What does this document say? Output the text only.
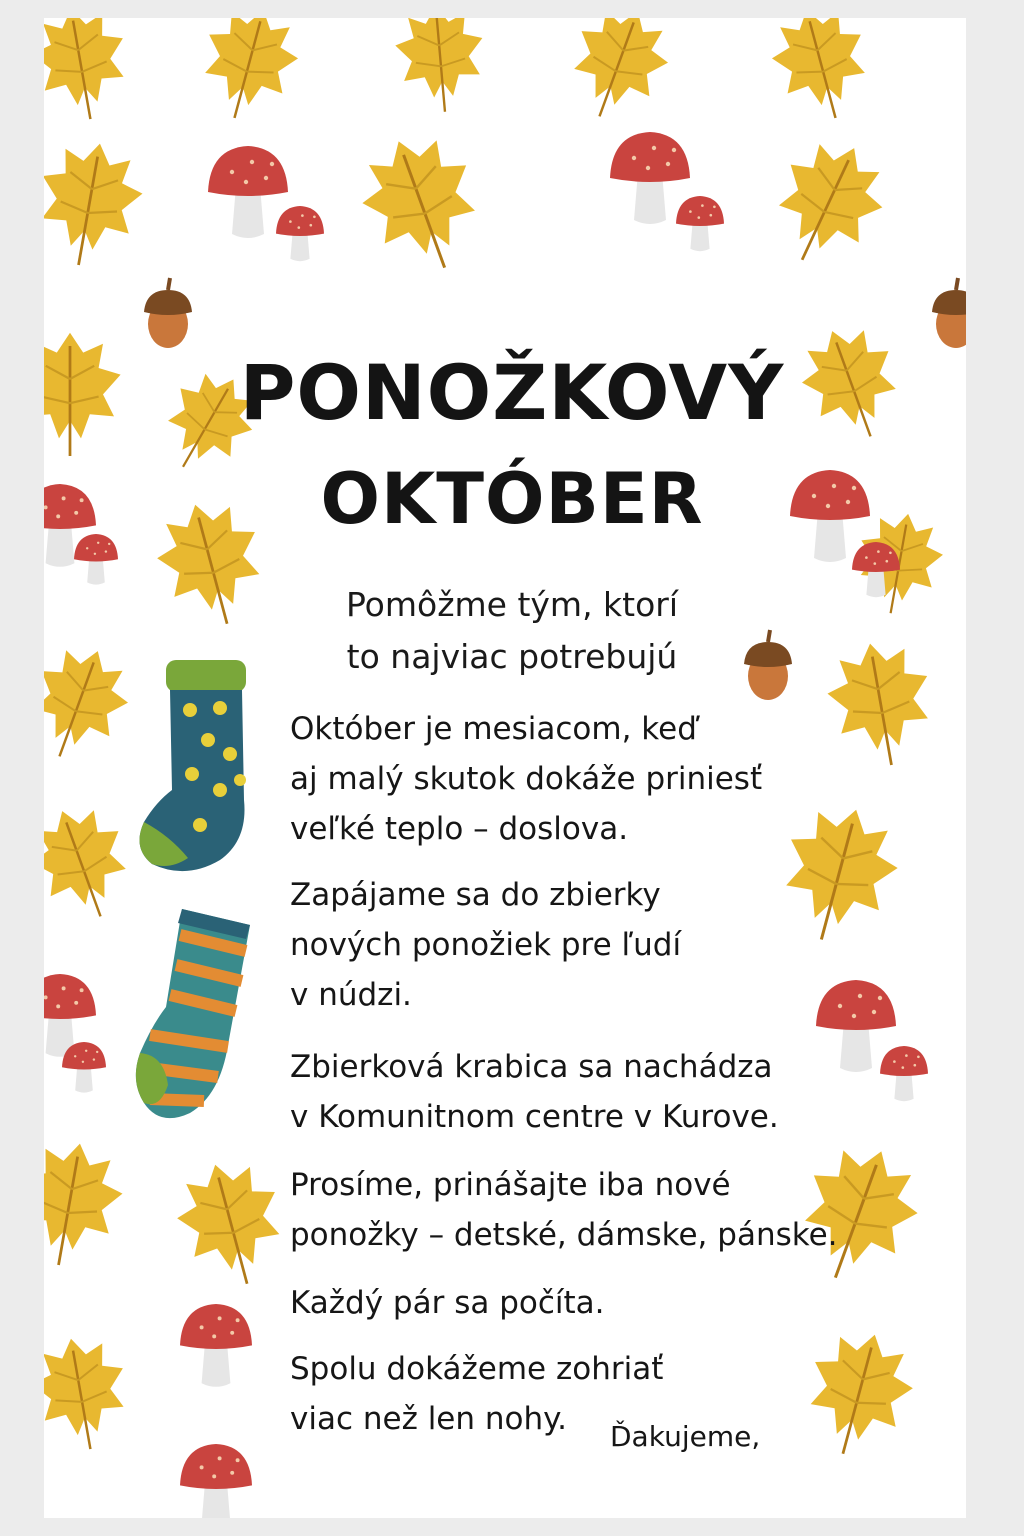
PONOŽKOVÝ
OKTÓBER
Pomôžme tým, ktorí
to najviac potrebujú
Október je mesiacom, keď
aj malý skutok dokáže priniesť
veľké teplo – doslova.
Zapájame sa do zbierky
nových ponožiek pre ľudí
v núdzi.
Zbierková krabica sa nachádza
v Komunitnom centre v Kurove.
Prosíme, prinášajte iba nové
ponožky – detské, dámske, pánske.
Každý pár sa počíta.
Spolu dokážeme zohriať
viac než len nohy.	Ďakujeme,
